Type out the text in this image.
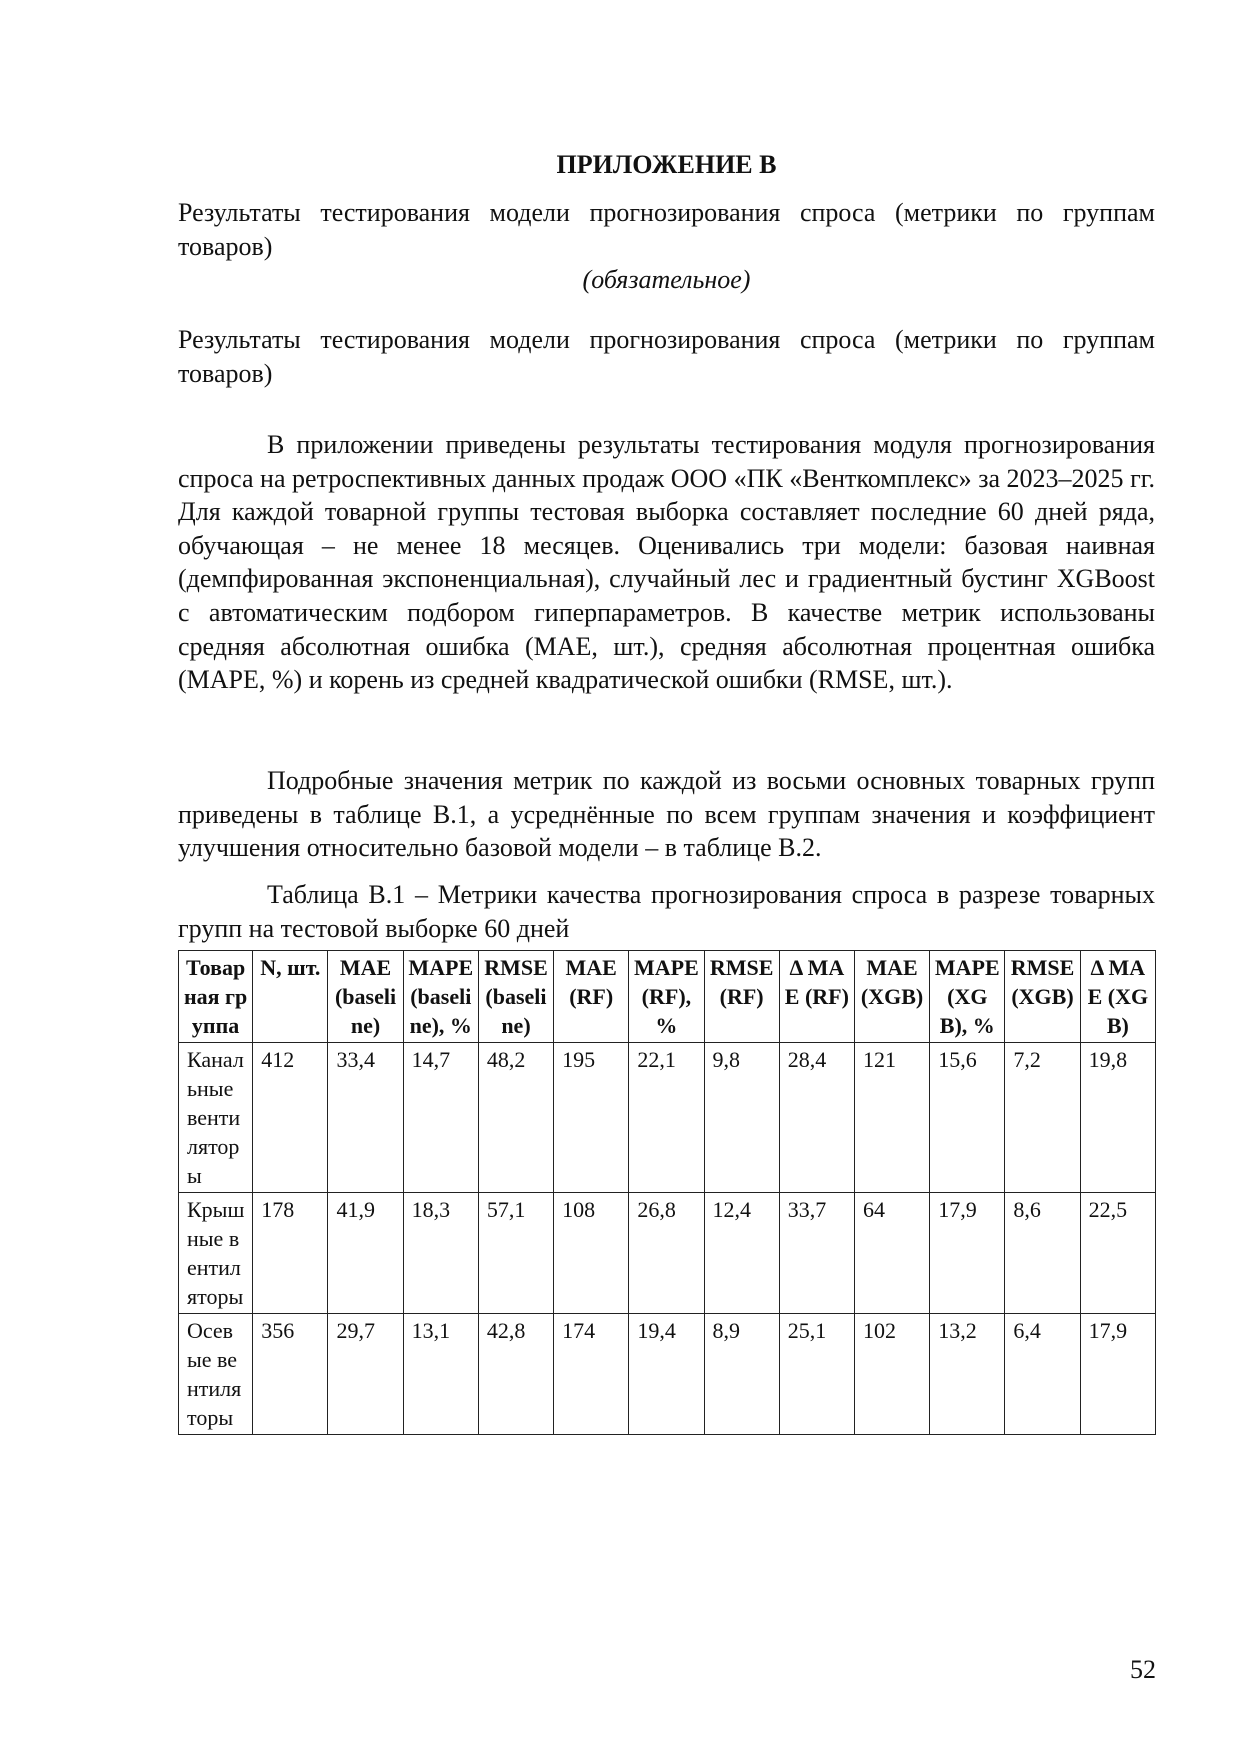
ПРИЛОЖЕНИЕ В
Результаты тестирования модели прогнозирования спроса (метрики по группам товаров)
(обязательное)
Результаты тестирования модели прогнозирования спроса (метрики по группам товаров)

В приложении приведены результаты тестирования модуля прогнозирования спроса на ретроспективных данных продаж ООО «ПК «Венткомплекс» за 2023–2025 гг. Для каждой товарной группы тестовая выборка составляет последние 60 дней ряда, обучающая – не менее 18 месяцев. Оценивались три модели: базовая наивная (демпфированная экспоненциальная), случайный лес и градиентный бустинг XGBoost с автоматическим подбором гиперпараметров. В качестве метрик использованы средняя абсолютная ошибка (MAE, шт.), средняя абсолютная процентная ошибка (MAPE, %) и корень из средней квадратической ошибки (RMSE, шт.).

Подробные значения метрик по каждой из восьми основных товарных групп приведены в таблице В.1, а усреднённые по всем группам значения и коэффициент улучшения относительно базовой модели – в таблице В.2.

Таблица В.1 – Метрики качества прогнозирования спроса в разрезе товарных групп на тестовой выборке 60 дней

Товарная группа	N, шт.	MAE (baseline)	MAPE (baseline), %	RMSE (baseline)	MAE (RF)	MAPE (RF), %	RMSE (RF)	Δ MAE (RF)	MAE (XGB)	MAPE (XGB), %	RMSE (XGB)	Δ MAE (XGB)
Канальные вентиляторы	412	33,4	14,7	48,2	195	22,1	9,8	28,4	121	15,6	7,2	19,8
Крышные вентиляторы	178	41,9	18,3	57,1	108	26,8	12,4	33,7	64	17,9	8,6	22,5
Осевые вентиляторы	356	29,7	13,1	42,8	174	19,4	8,9	25,1	102	13,2	6,4	17,9
52
